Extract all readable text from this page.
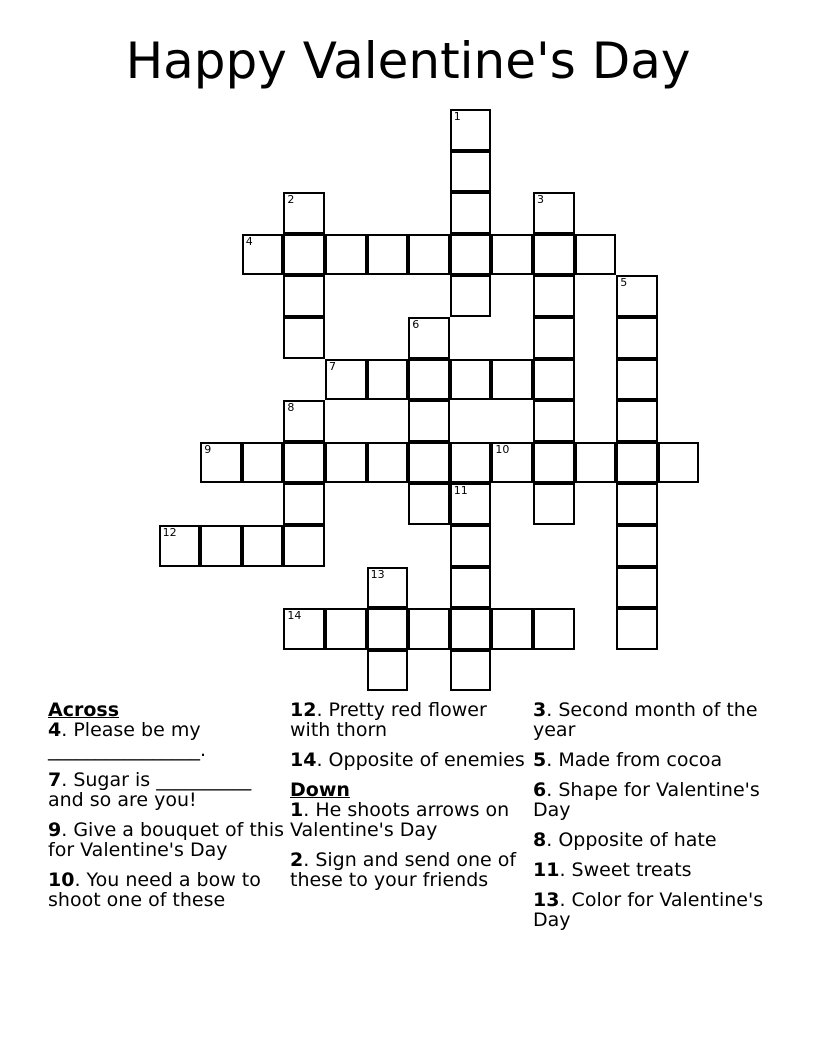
Happy Valentine's Day
1
2	3
4
5
6
7
8
9	10
11
12
13
14
Across
4. Please be my ________________.
7. Sugar is __________ and so are you!
9. Give a bouquet of this for Valentine's Day
10. You need a bow to shoot one of these
12. Pretty red flower with thorn
14. Opposite of enemies
Down
1. He shoots arrows on Valentine's Day
2. Sign and send one of these to your friends
3. Second month of the year
5. Made from cocoa
6. Shape for Valentine's Day
8. Opposite of hate
11. Sweet treats
13. Color for Valentine's Day
